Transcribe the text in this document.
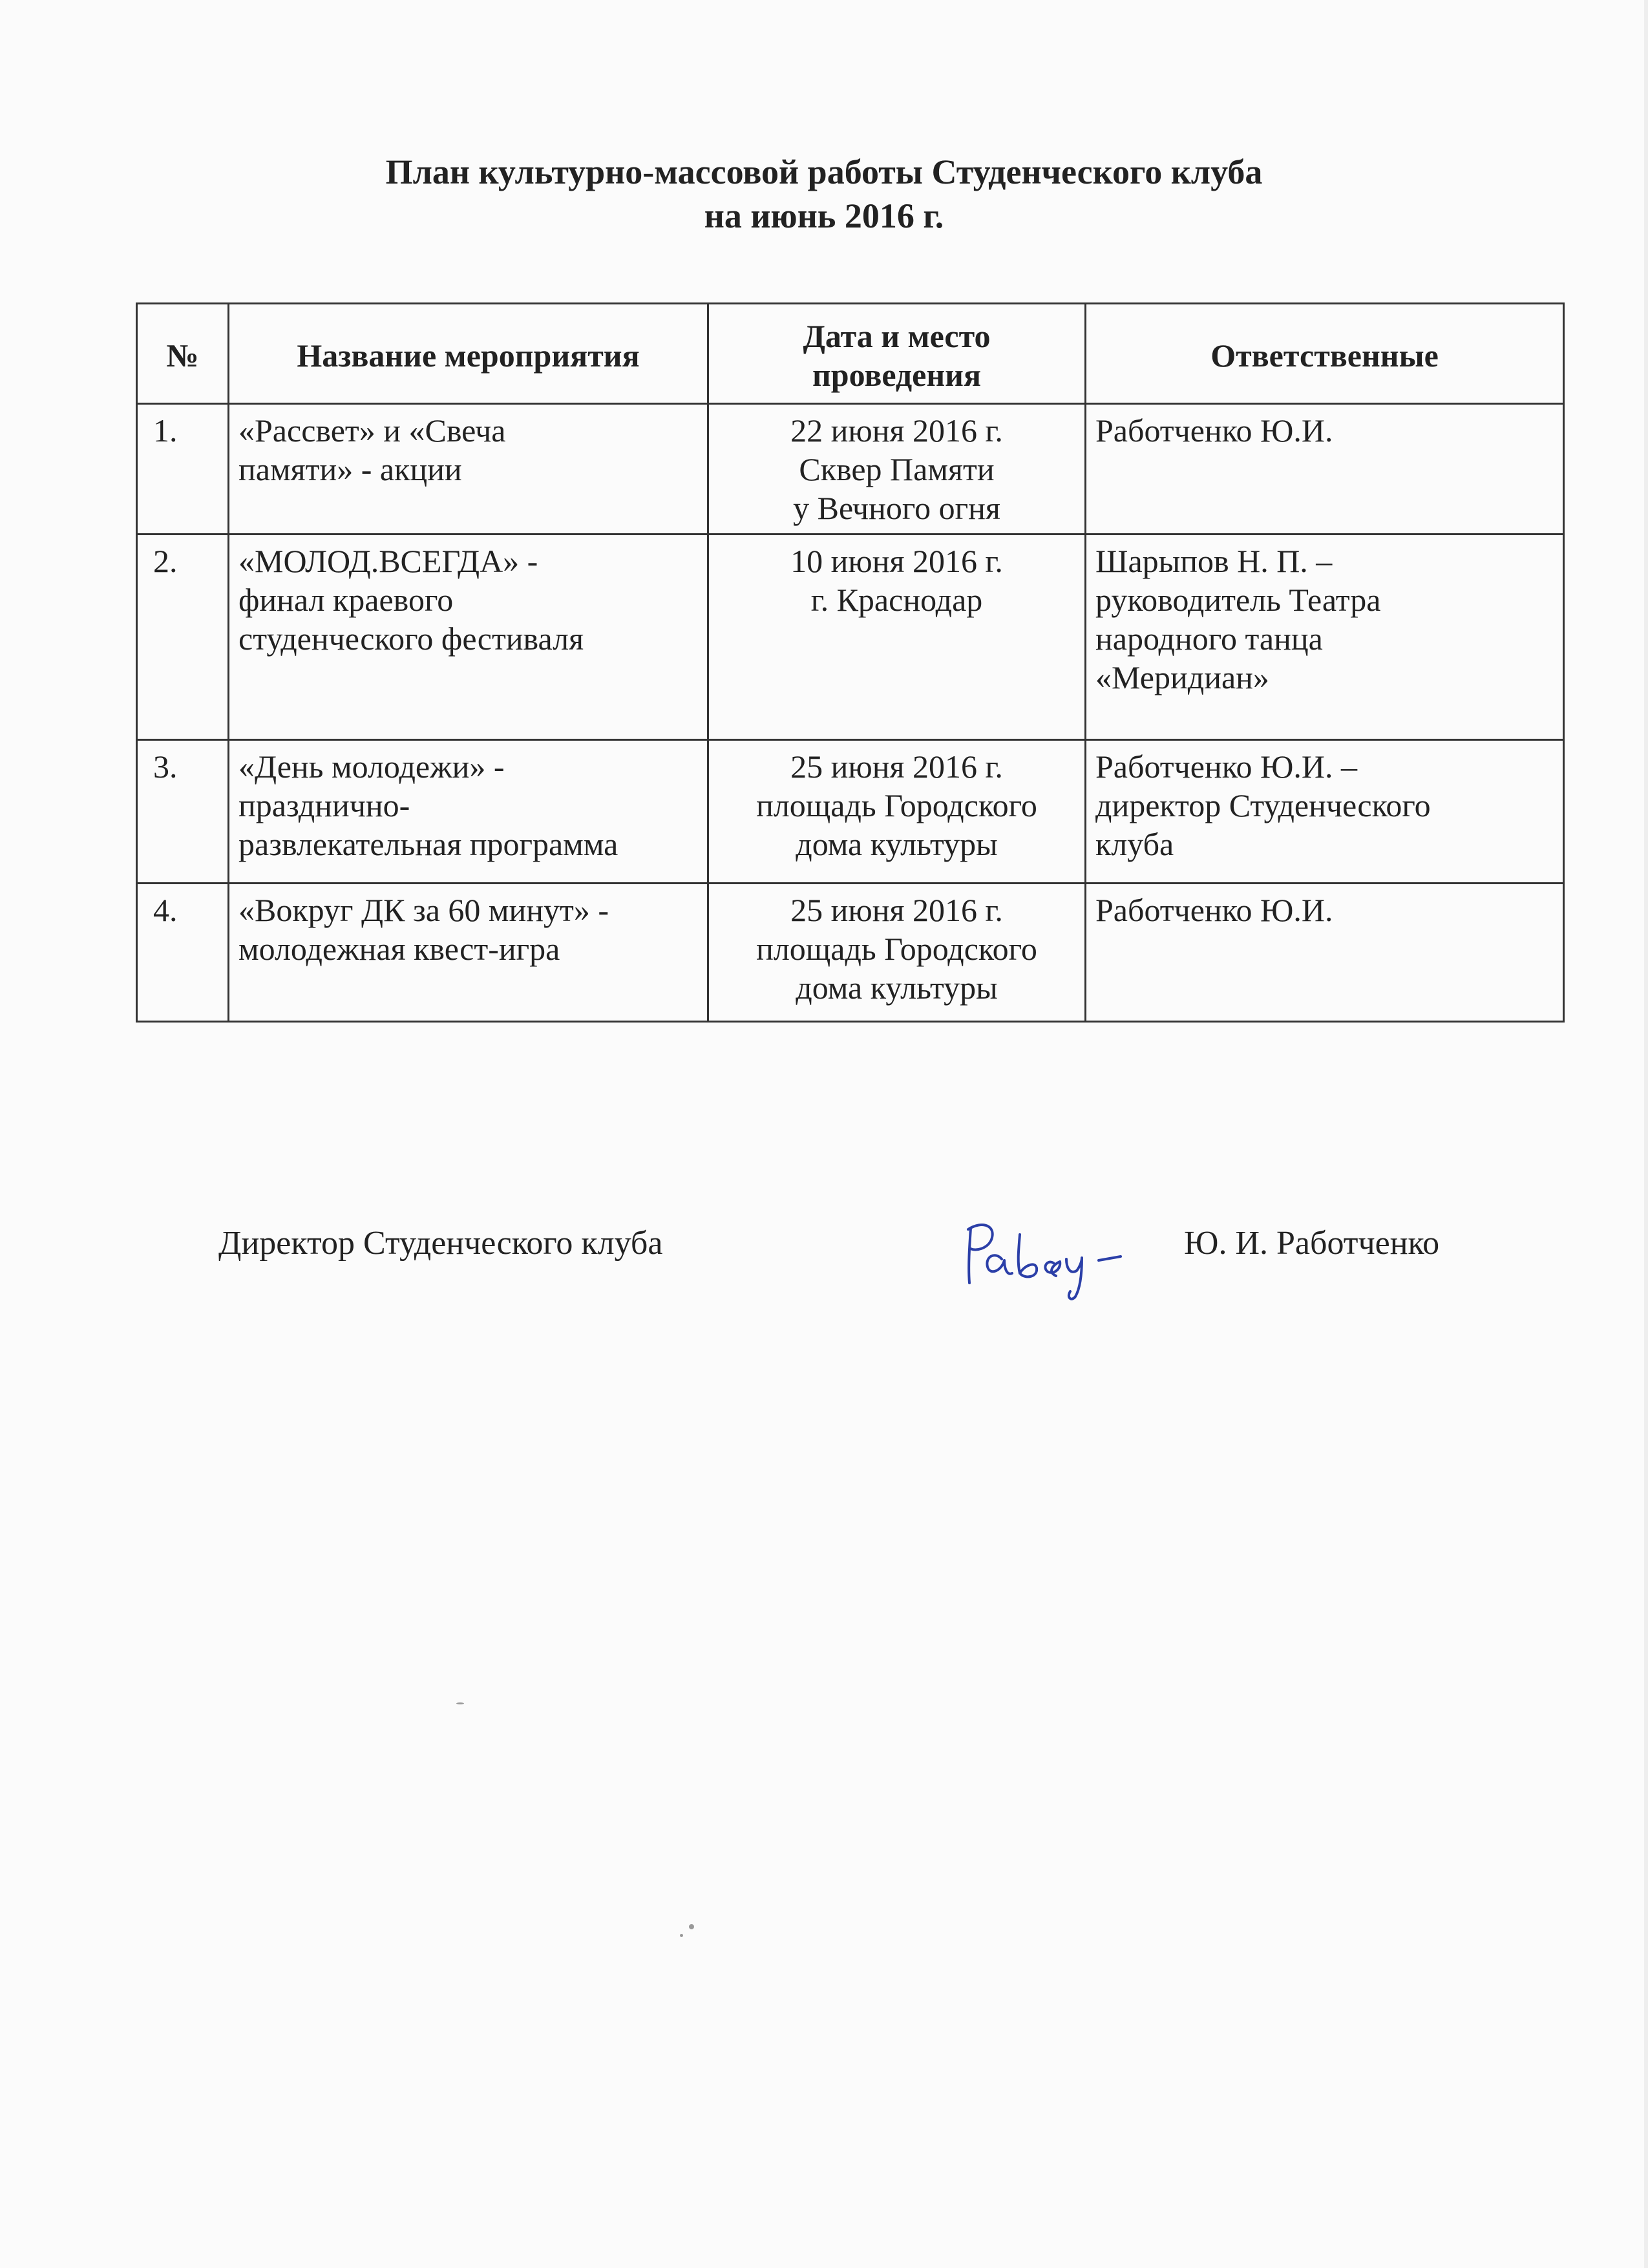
План культурно-массовой работы Студенческого клуба
на июнь 2016 г.
№	Название мероприятия	Дата и место
проведения	Ответственные
1.	«Рассвет» и «Свеча
памяти» - акции	22 июня 2016 г.
Сквер Памяти
у Вечного огня	Работченко Ю.И.

2.	«МОЛОД.ВСЕГДА» -
финал краевого
студенческого фестиваля	10 июня 2016 г.
г. Краснодар	Шарыпов Н. П. –
руководитель Театра
народного танца
«Меридиан»

3.	«День молодежи» -
празднично-
развлекательная программа	25 июня 2016 г.
площадь Городского
дома культуры	Работченко Ю.И. –
директор Студенческого
клуба

4.	«Вокруг ДК за 60 минут» -
молодежная квест-игра	25 июня 2016 г.
площадь Городского
дома культуры	Работченко Ю.И.
Директор Студенческого клуба	Ю. И. Работченко
